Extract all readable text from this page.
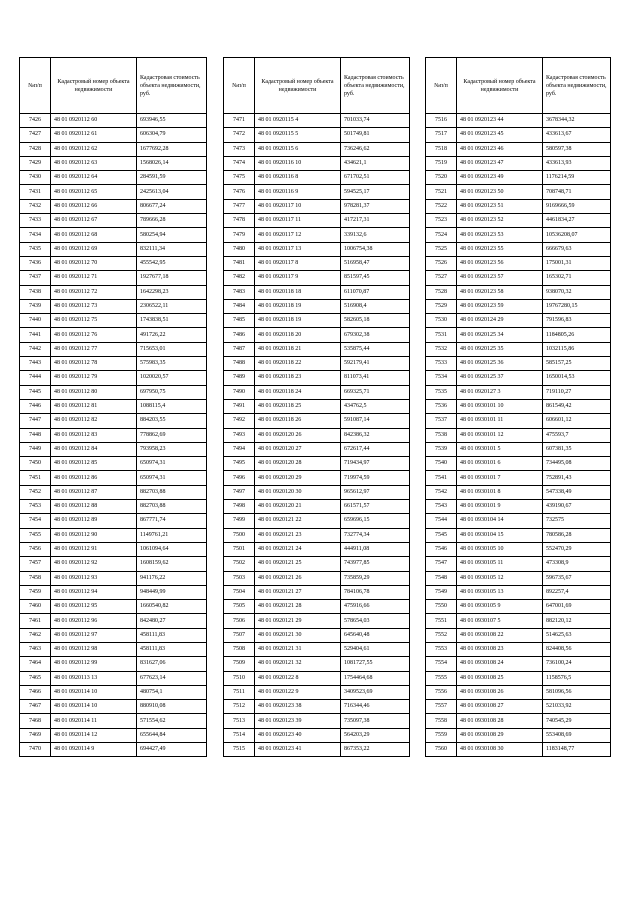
№п/п	Кадастровый номер объекта недвижимости	Кадастровая стоимость объекта недвижимости, руб.
7426	48 01 0920112 60	693946,55
7427	48 01 0920112 61	606304,79
7428	48 01 0920112 62	1677692,28
7429	48 01 0920112 63	1568026,14
7430	48 01 0920112 64	284591,59
7431	48 01 0920112 65	2425613,04
7432	48 01 0920112 66	806677,24
7433	48 01 0920112 67	789666,28
7434	48 01 0920112 68	580254,94
7435	48 01 0920112 69	832111,34
7436	48 01 0920112 70	455542,95
7437	48 01 0920112 71	1927677,18
7438	48 01 0920112 72	1642298,23
7439	48 01 0920112 73	2306522,11
7440	48 01 0920112 75	1743838,51
7441	48 01 0920112 76	491726,22
7442	48 01 0920112 77	715653,01
7443	48 01 0920112 78	575983,35
7444	48 01 0920112 79	1020020,57
7445	48 01 0920112 80	697950,75
7446	48 01 0920112 81	1088115,4
7447	48 01 0920112 82	884203,55
7448	48 01 0920112 83	778862,69
7449	48 01 0920112 84	793958,23
7450	48 01 0920112 85	650974,31
7451	48 01 0920112 86	650974,31
7452	48 01 0920112 87	882703,88
7453	48 01 0920112 88	882703,88
7454	48 01 0920112 89	867771,74
7455	48 01 0920112 90	1149761,21
7456	48 01 0920112 91	1061094,64
7457	48 01 0920112 92	1608159,62
7458	48 01 0920112 93	941176,22
7459	48 01 0920112 94	948449,99
7460	48 01 0920112 95	1660540,82
7461	48 01 0920112 96	842480,27
7462	48 01 0920112 97	458111,83
7463	48 01 0920112 98	458111,83
7464	48 01 0920112 99	831627,06
7465	48 01 0920113 13	677623,14
7466	48 01 0920114 10	480754,1
7467	48 01 0920114 10	880910,08
7468	48 01 0920114 11	571554,62
7469	48 01 0920114 12	655644,84
7470	48 01 0920114 9	694427,49
№п/п	Кадастровый номер объекта недвижимости	Кадастровая стоимость объекта недвижимости, руб.
7471	48 01 0920115 4	701033,74
7472	48 01 0920115 5	501749,81
7473	48 01 0920115 6	736246,62
7474	48 01 0920116 10	434621,1
7475	48 01 0920116 8	671702,51
7476	48 01 0920116 9	594525,17
7477	48 01 0920117 10	978281,37
7478	48 01 0920117 11	417217,31
7479	48 01 0920117 12	339132,6
7480	48 01 0920117 13	1006754,38
7481	48 01 0920117 8	516958,47
7482	48 01 0920117 9	851597,45
7483	48 01 0920118 18	611070,87
7484	48 01 0920118 19	516908,4
7485	48 01 0920118 19	582605,18
7486	48 01 0920118 20	679302,38
7487	48 01 0920118 21	535875,44
7488	48 01 0920118 22	592179,41
7489	48 01 0920118 23	811073,41
7490	48 01 0920118 24	669325,71
7491	48 01 0920118 25	434762,5
7492	48 01 0920118 26	591087,14
7493	48 01 0920120 26	842386,32
7494	48 01 0920120 27	672617,44
7495	48 01 0920120 28	719434,97
7496	48 01 0920120 29	719974,59
7497	48 01 0920120 30	965612,97
7498	48 01 0920120 21	661571,57
7499	48 01 0920121 22	659696,15
7500	48 01 0920121 23	732774,34
7501	48 01 0920121 24	444911,08
7502	48 01 0920121 25	743977,85
7503	48 01 0920121 26	735859,29
7504	48 01 0920121 27	784106,78
7505	48 01 0920121 28	475916,66
7506	48 01 0920121 29	578654,03
7507	48 01 0920121 30	645640,48
7508	48 01 0920121 31	529404,61
7509	48 01 0920121 32	1081727,55
7510	48 01 0920122 8	1754464,68
7511	48 01 0920122 9	3409523,69
7512	48 01 0920123 38	716344,46
7513	48 01 0920123 39	735097,38
7514	48 01 0920123 40	564203,29
7515	48 01 0920123 41	867353,22
№п/п	Кадастровый номер объекта недвижимости	Кадастровая стоимость объекта недвижимости, руб.
7516	48 01 0920123 44	3678344,32
7517	48 01 0920123 45	433613,67
7518	48 01 0920123 46	580597,38
7519	48 01 0920123 47	433613,93
7520	48 01 0920123 49	1176214,59
7521	48 01 0920123 50	708748,71
7522	48 01 0920123 51	9169666,59
7523	48 01 0920123 52	4461834,27
7524	48 01 0920123 53	10536208,07
7525	48 01 0920123 55	666679,63
7526	48 01 0920123 56	175001,31
7527	48 01 0920123 57	165302,71
7528	48 01 0920123 58	938070,32
7529	48 01 0920123 59	19767280,15
7530	48 01 0920124 29	791596,83
7531	48 01 0920125 34	1184805,26
7532	48 01 0920125 35	1032115,86
7533	48 01 0920125 36	585157,25
7534	48 01 0920125 37	1650014,53
7535	48 01 0920127 3	719110,27
7536	48 01 0930101 10	861549,42
7537	48 01 0930101 11	606601,12
7538	48 01 0930101 12	475593,7
7539	48 01 0930101 5	607381,35
7540	48 01 0930101 6	734495,08
7541	48 01 0930101 7	752891,43
7542	48 01 0930101 8	547338,49
7543	48 01 0930101 9	439190,67
7544	48 01 0930104 14	732575
7545	48 01 0930104 15	780586,28
7546	48 01 0930105 10	552470,29
7547	48 01 0930105 11	473308,9
7548	48 01 0930105 12	596735,67
7549	48 01 0930105 13	892257,4
7550	48 01 0930105 9	647001,69
7551	48 01 0930107 5	882120,12
7552	48 01 0930108 22	514625,63
7553	48 01 0930108 23	824408,56
7554	48 01 0930108 24	736100,24
7555	48 01 0930108 25	1158576,5
7556	48 01 0930108 26	581096,56
7557	48 01 0930108 27	521033,92
7558	48 01 0930108 28	740545,29
7559	48 01 0930108 29	553408,69
7560	48 01 0930108 30	1183148,77
